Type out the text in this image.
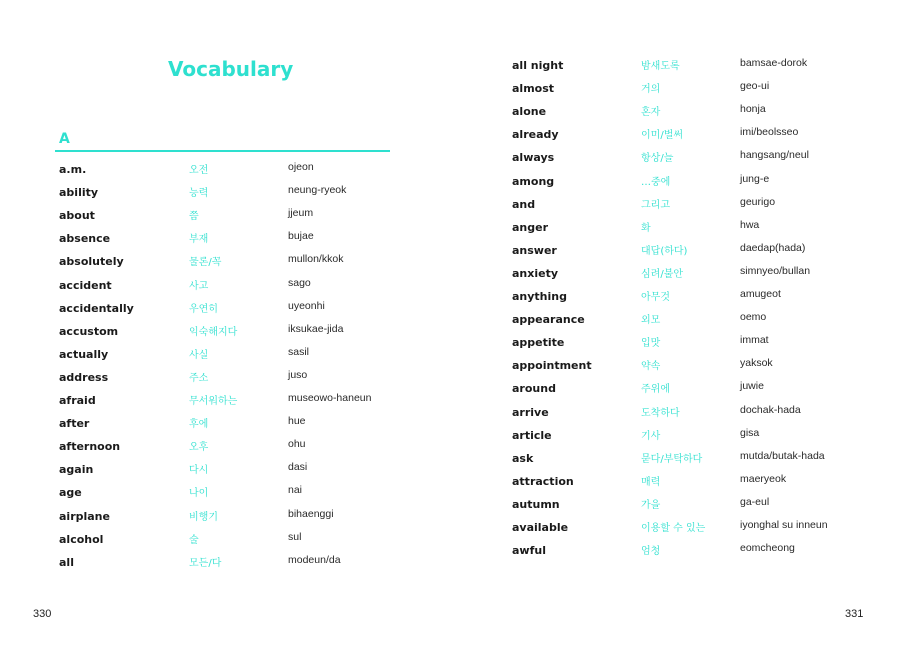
Vocabulary
A
a.m.	오전	ojeon
ability	능력	neung-ryeok
about	쯤	jjeum
absence	부재	bujae
absolutely	물론/꼭	mullon/kkok
accident	사고	sago
accidentally	우연히	uyeonhi
accustom	익숙해지다	iksukae-jida
actually	사실	sasil
address	주소	juso
afraid	무서워하는	museowo-haneun
after	후에	hue
afternoon	오후	ohu
again	다시	dasi
age	나이	nai
airplane	비행기	bihaenggi
alcohol	술	sul
all	모든/다	modeun/da
all night	밤새도록	bamsae-dorok
almost	거의	geo-ui
alone	혼자	honja
already	이미/벌써	imi/beolsseo
always	항상/늘	hangsang/neul
among	…중에	jung-e
and	그리고	geurigo
anger	화	hwa
answer	대답(하다)	daedap(hada)
anxiety	심려/불안	simnyeo/bullan
anything	아무것	amugeot
appearance	외모	oemo
appetite	입맛	immat
appointment	약속	yaksok
around	주위에	juwie
arrive	도착하다	dochak-hada
article	기사	gisa
ask	묻다/부탁하다	mutda/butak-hada
attraction	매력	maeryeok
autumn	가을	ga-eul
available	이용할 수 있는	iyonghal su inneun
awful	엄청	eomcheong
330	331
